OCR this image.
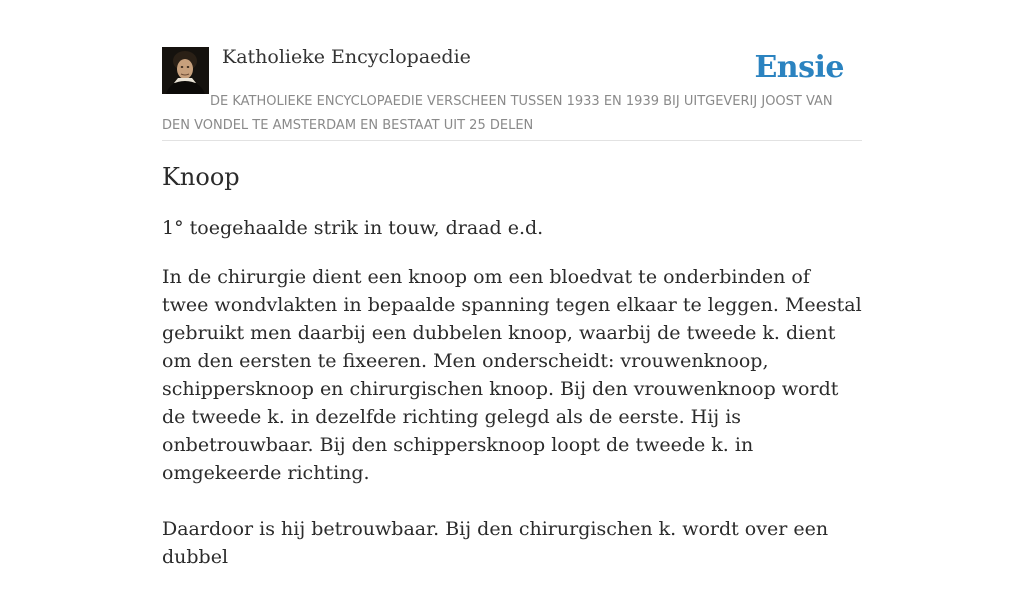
Katholieke Encyclopaedie	Ensie
DE KATHOLIEKE ENCYCLOPAEDIE VERSCHEEN TUSSEN 1933 EN 1939 BIJ UITGEVERIJ JOOST VAN DEN VONDEL TE AMSTERDAM EN BESTAAT UIT 25 DELEN
Knoop

1° toegehaalde strik in touw, draad e.d.

In de chirurgie dient een knoop om een bloedvat te onderbinden of twee wondvlakten in bepaalde spanning tegen elkaar te leggen. Meestal gebruikt men daarbij een dubbelen knoop, waarbij de tweede k. dient om den eersten te fixeeren. Men onderscheidt: vrouwenknoop, schippersknoop en chirurgischen knoop. Bij den vrouwenknoop wordt de tweede k. in dezelfde richting gelegd als de eerste. Hij is onbetrouwbaar. Bij den schippersknoop loopt de tweede k. in omgekeerde richting.

Daardoor is hij betrouwbaar. Bij den chirurgischen k. wordt over een dubbel
